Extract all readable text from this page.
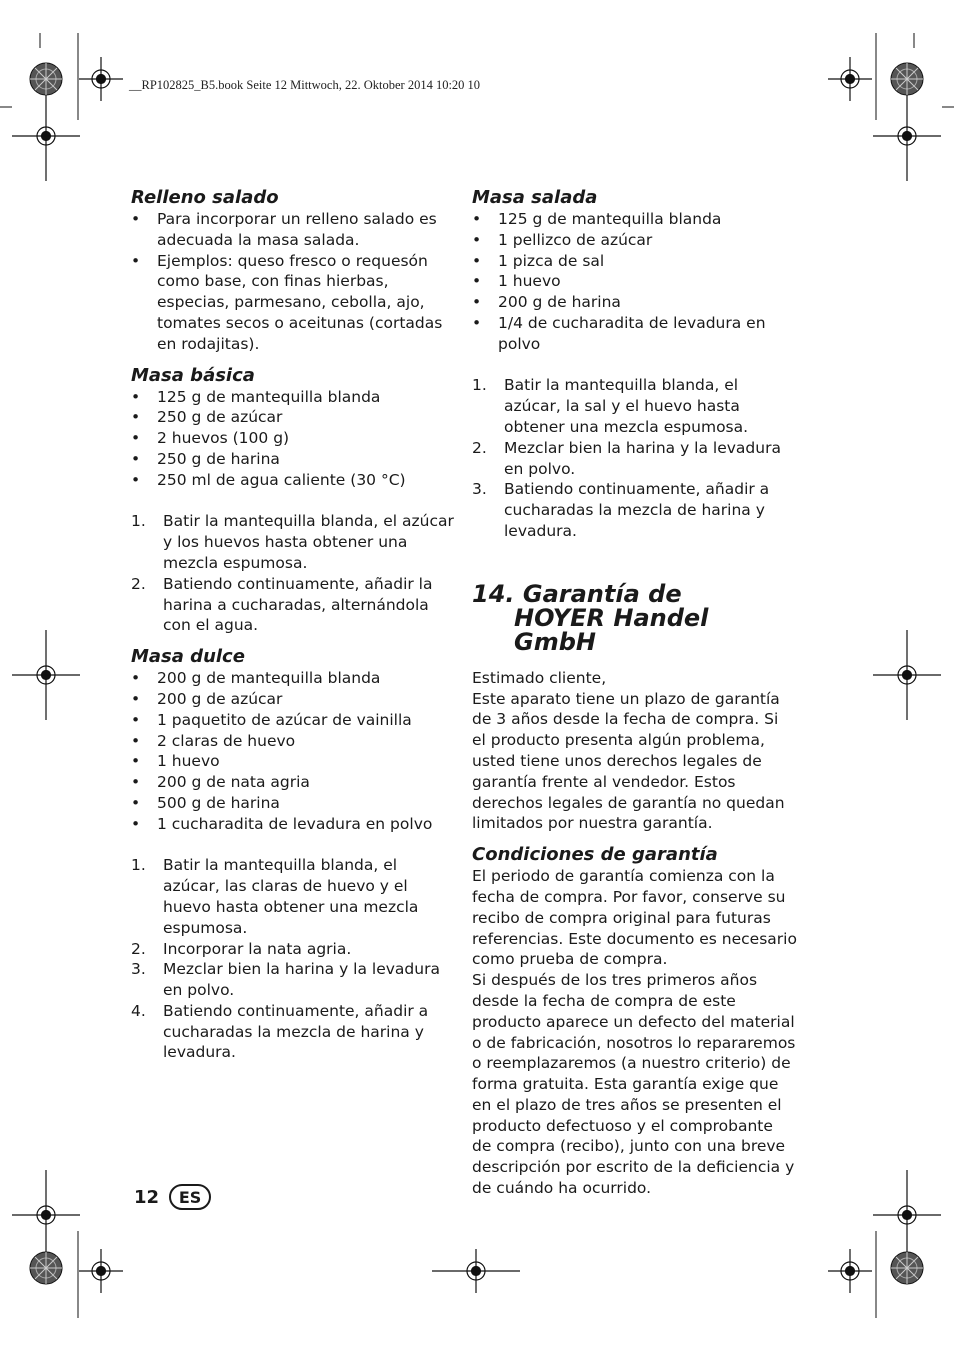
__RP102825_B5.book Seite 12 Mittwoch, 22. Oktober 2014 10:20 10
Relleno salado
• Para incorporar un relleno salado es adecuada la masa salada.
• Ejemplos: queso fresco o requesón como base, con finas hierbas, especias, parmesano, cebolla, ajo, tomates secos o aceitunas (cortadas en rodajitas).
Masa básica
• 125 g de mantequilla blanda
• 250 g de azúcar
• 2 huevos (100 g)
• 250 g de harina
• 250 ml de agua caliente (30 °C)
1. Batir la mantequilla blanda, el azúcar y los huevos hasta obtener una mezcla espumosa.
2. Batiendo continuamente, añadir la harina a cucharadas, alternándola con el agua.
Masa dulce
• 200 g de mantequilla blanda
• 200 g de azúcar
• 1 paquetito de azúcar de vainilla
• 2 claras de huevo
• 1 huevo
• 200 g de nata agria
• 500 g de harina
• 1 cucharadita de levadura en polvo
1. Batir la mantequilla blanda, el azúcar, las claras de huevo y el huevo hasta obtener una mezcla espumosa.
2. Incorporar la nata agria.
3. Mezclar bien la harina y la levadura en polvo.
4. Batiendo continuamente, añadir a cucharadas la mezcla de harina y levadura.
Masa salada
• 125 g de mantequilla blanda
• 1 pellizco de azúcar
• 1 pizca de sal
• 1 huevo
• 200 g de harina
• 1/4 de cucharadita de levadura en polvo
1. Batir la mantequilla blanda, el azúcar, la sal y el huevo hasta obtener una mezcla espumosa.
2. Mezclar bien la harina y la levadura en polvo.
3. Batiendo continuamente, añadir a cucharadas la mezcla de harina y levadura.
14. Garantía de
HOYER Handel GmbH
Estimado cliente,
Este aparato tiene un plazo de garantía de 3 años desde la fecha de compra. Si el producto presenta algún problema, usted tiene unos derechos legales de garantía frente al vendedor. Estos derechos legales de garantía no quedan limitados por nuestra garantía.
Condiciones de garantía
El periodo de garantía comienza con la fecha de compra. Por favor, conserve su recibo de compra original para futuras referencias. Este documento es necesario como prueba de compra.
Si después de los tres primeros años desde la fecha de compra de este producto aparece un defecto del material o de fabricación, nosotros lo repararemos o reemplazaremos (a nuestro criterio) de forma gratuita. Esta garantía exige que en el plazo de tres años se presenten el producto defectuoso y el comprobante de compra (recibo), junto con una breve descripción por escrito de la deficiencia y de cuándo ha ocurrido.
12	ES
